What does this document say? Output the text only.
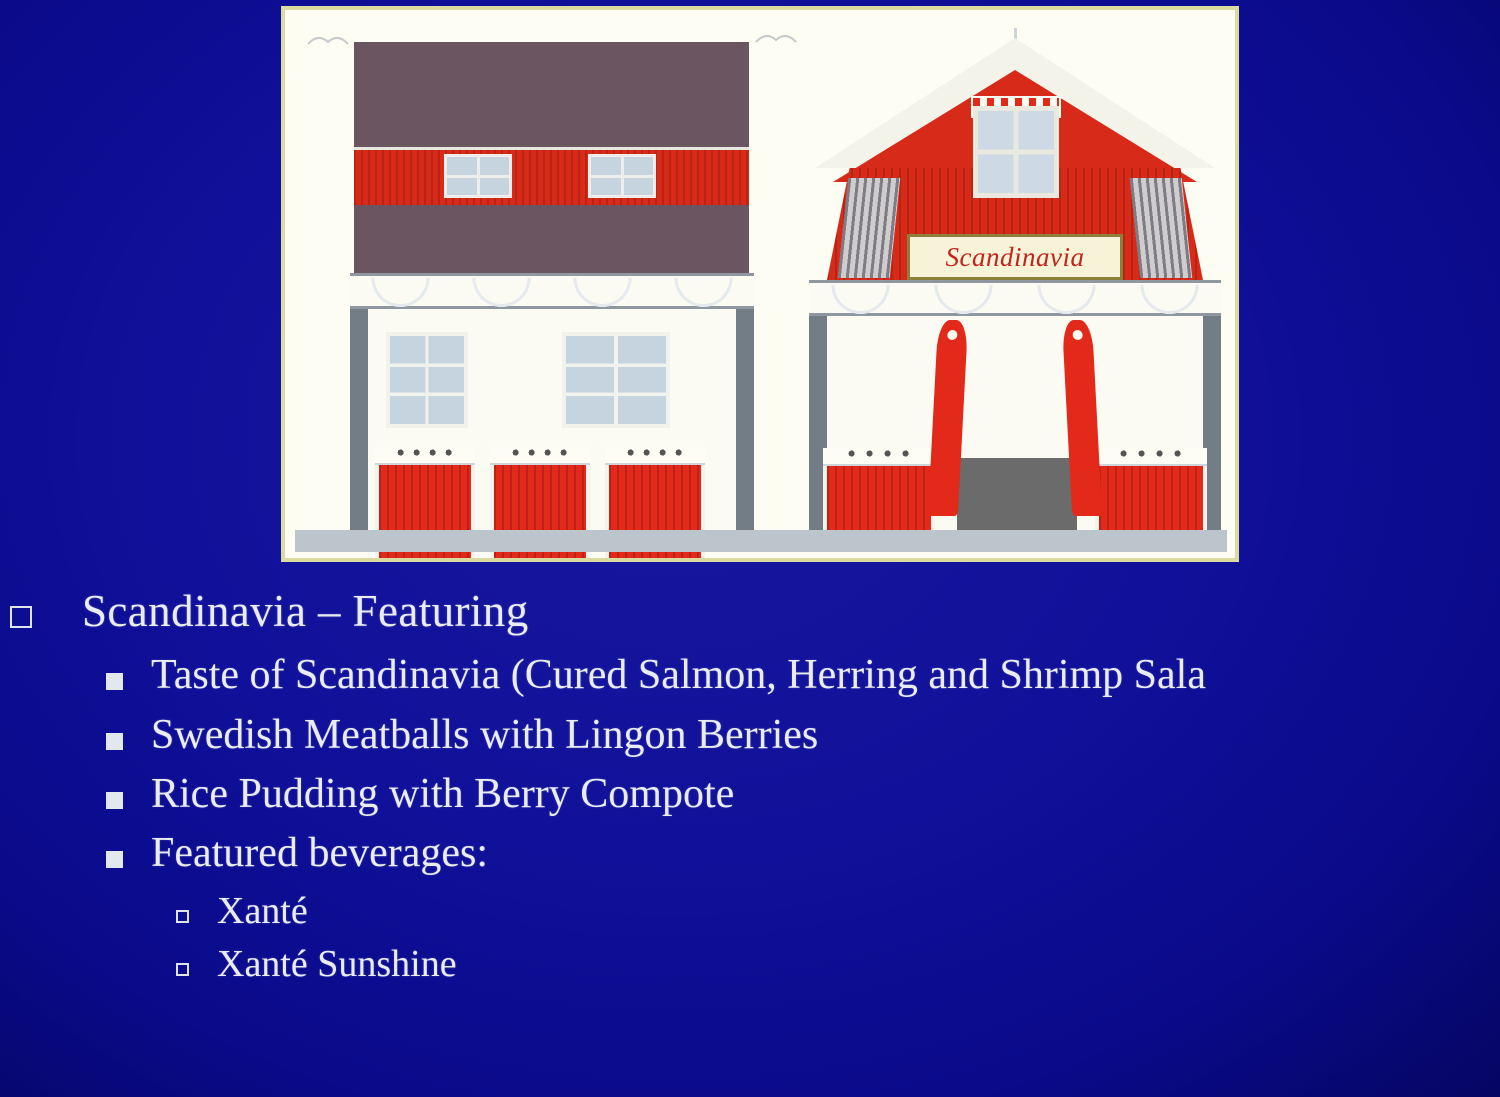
Scandinavia
Scandinavia – Featuring
Taste of Scandinavia (Cured Salmon, Herring and Shrimp Sala
Swedish Meatballs with Lingon Berries
Rice Pudding with Berry Compote
Featured beverages:
Xanté
Xanté Sunshine
